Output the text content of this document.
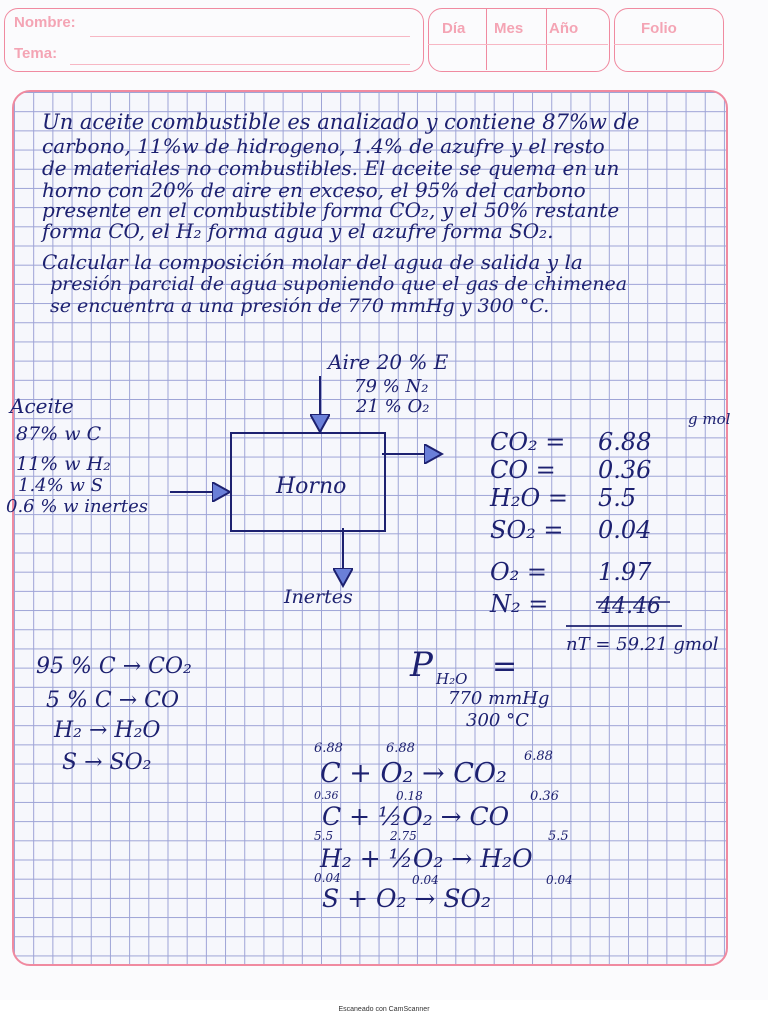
Nombre:
Tema:
Día Mes Año	Folio
Un aceite combustible es analizado y contiene 87%w de
carbono, 11%w de hidrogeno, 1.4% de azufre y el resto
de materiales no combustibles. El aceite se quema en un
horno con 20% de aire en exceso, el 95% del carbono
presente en el combustible forma CO₂, y el 50% restante
forma CO, el H₂ forma agua y el azufre forma SO₂.
Calcular la composición molar del agua de salida y la
presión parcial de agua suponiendo que el gas de chimenea
se encuentra a una presión de 770 mmHg y 300 °C.
Aire 20 % E
79 % N₂
21 % O₂
Aceite
87% w C
11% w H₂
1.4% w S
0.6 % w inertes
Horno
Inertes
g mol
CO₂ = 6.88
CO = 0.36
H₂O = 5.5
SO₂ = 0.04
O₂ = 1.97
N₂ = 44.46
nT = 59.21 gmol
95 % C → CO₂
5 % C → CO
H₂ → H₂O
S → SO₂
P H₂O =
770 mmHg
300 °C
6.88	6.88
6.88
C + O₂ → CO₂
0.36	0.18	0.36
C + ½O₂ → CO
5.5	2.75	5.5
H₂ + ½O₂ → H₂O
0.04	0.04	0.04
S + O₂ → SO₂
Escaneado con CamScanner
